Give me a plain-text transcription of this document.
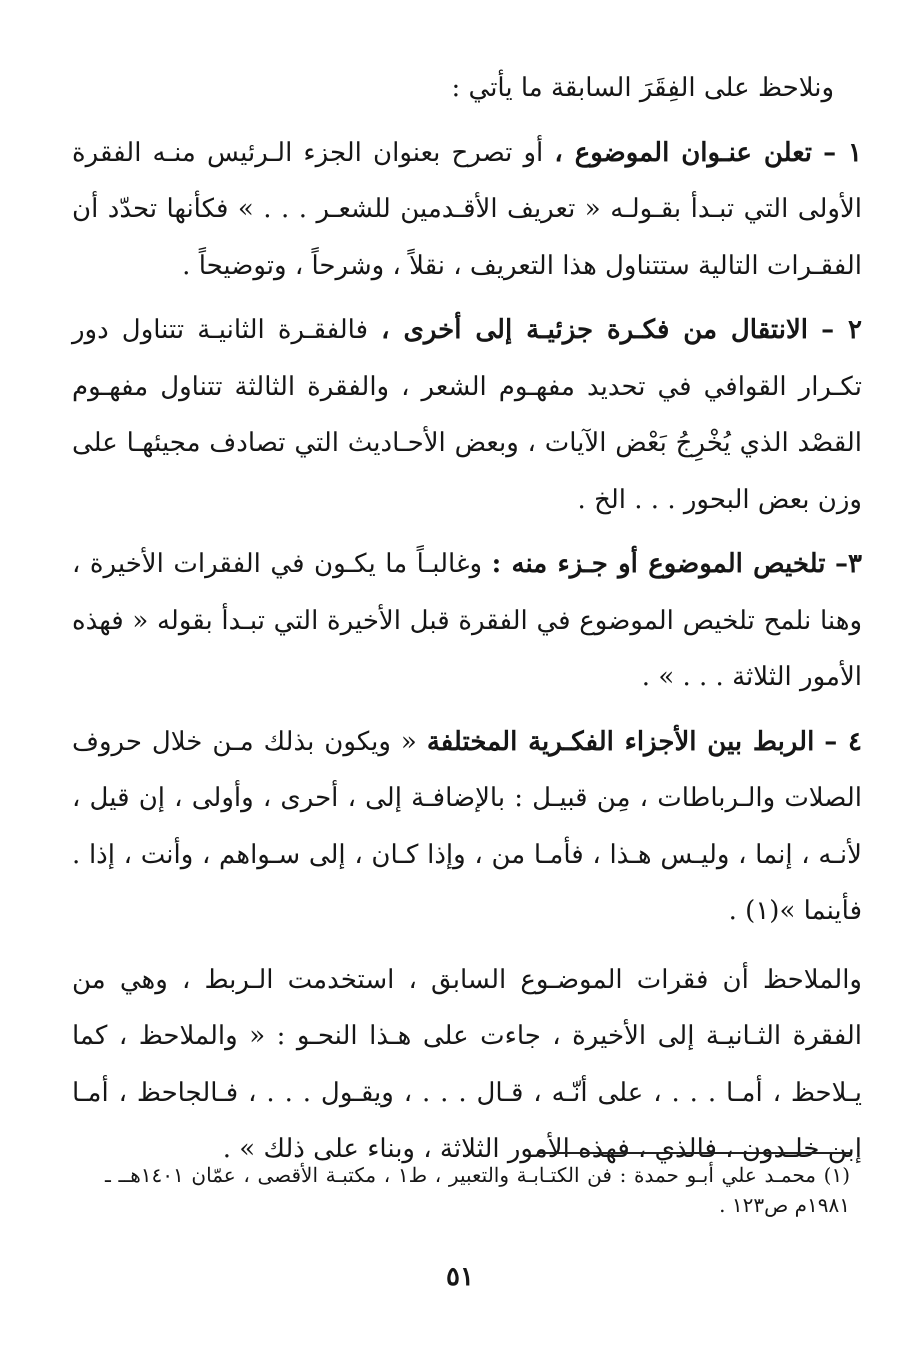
ونلاحظ على الفِقَرَ السابقة ما يأتي :

١ – تعلن عنـوان الموضوع ، أو تصرح بعنوان الجزء الـرئيس منـه الفقرة الأولى التي تبـدأ بقـولـه « تعريف الأقـدمين للشعـر . . . » فكأنها تحدّد أن الفقـرات التالية ستتناول هذا التعريف ، نقلاً ، وشرحاً ، وتوضيحاً .

٢ – الانتقال من فكـرة جزئيـة إلى أخرى ، فالفقـرة الثانيـة تتناول دور تكـرار القوافي في تحديد مفهـوم الشعر ، والفقرة الثالثة تتناول مفهـوم القصْد الذي يُخْرِجُ بَعْض الآيات ، وبعض الأحـاديث التي تصادف مجيئهـا على وزن بعض البحور . . . الخ .

٣– تلخيص الموضوع أو جـزء منه : وغالبـاً ما يكـون في الفقرات الأخيرة ، وهنا نلمح تلخيص الموضوع في الفقرة قبل الأخيرة التي تبـدأ بقوله « فهذه الأمور الثلاثة . . . » .

٤ – الربط بين الأجزاء الفكـرية المختلفة « ويكون بذلك مـن خلال حروف الصلات والـرباطات ، مِن قبيـل : بالإضافـة إلى ، أحرى ، وأولى ، إن قيل ، لأنـه ، إنما ، وليـس هـذا ، فأمـا من ، وإذا كـان ، إلى سـواهم ، وأنت ، إذا . فأينما »(١) .

والملاحظ أن فقرات الموضـوع السابق ، استخدمت الـربط ، وهي من الفقرة الثـانيـة إلى الأخيرة ، جاءت على هـذا النحـو : « والملاحظ ، كما يـلاحظ ، أمـا . . . ، على أنّـه ، قـال . . . ، ويقـول . . . ، فـالجاحظ ، أمـا إبن خلـدون ، فالذي ، فهذه الأمور الثلاثة ، وبناء على ذلك » .

(١) محمـد علي أبـو حمدة : فن الكتـابـة والتعبير ، ط١ ، مكتبـة الأقصى ، عمّان ١٤٠١هــ ـ ١٩٨١م ص١٢٣ .
٥١
